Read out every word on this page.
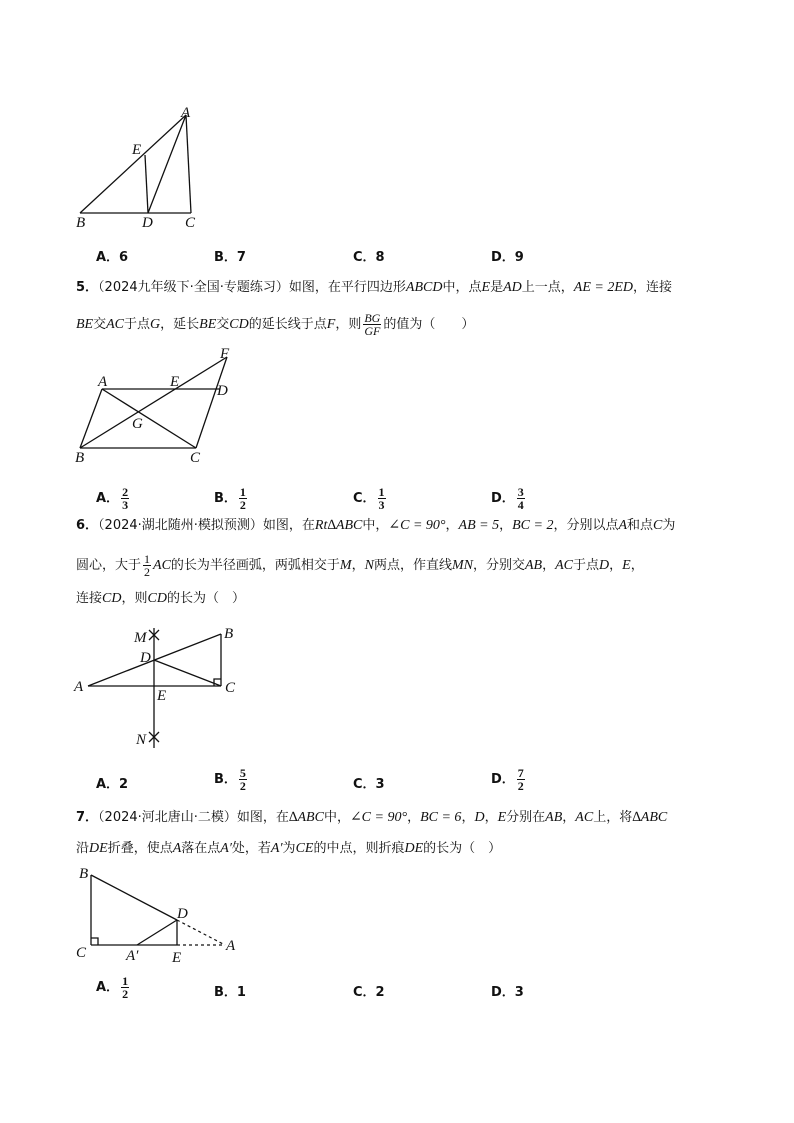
A
E
B	D C
A．6	B．7	C．8	D．9
5．（2024九年级下·全国·专题练习）如图，在平行四边形ABCD中，点E是AD上一点，AE = 2ED，连接
BE交AC于点G，延长BE交CD的延长线于点F，则 $\frac{BG}{GF}$ 的值为（　　）
A	E
F
D
G
B	C
A． $\frac{2}{3}$	B． $\frac{1}{2}$	C． $\frac{1}{3}$	D． $\frac{3}{4}$
6．（2024·湖北随州·模拟预测）如图，在Rt∆ABC中，∠C = 90°，AB = 5，BC = 2，分别以点A和点C为
圆心，大于 $\frac{1}{2}$ AC的长为半径画弧，两弧相交于M，N两点，作直线MN，分别交AB，AC于点D，E，
连接CD，则CD的长为（　）
M	B
D
A
E	C
N
A．2	B． $\frac{5}{2}$	C．3	D． $\frac{7}{2}$
7．（2024·河北唐山·二模）如图，在∆ABC中，∠C = 90°，BC = 6，D，E分别在AB，AC上，将∆ABC
沿DE折叠，使点A落在点A′处，若A′为CE的中点，则折痕DE的长为（　）
B
D
C	A′ E
A
A． $\frac{1}{2}$	B．1	C．2	D．3
